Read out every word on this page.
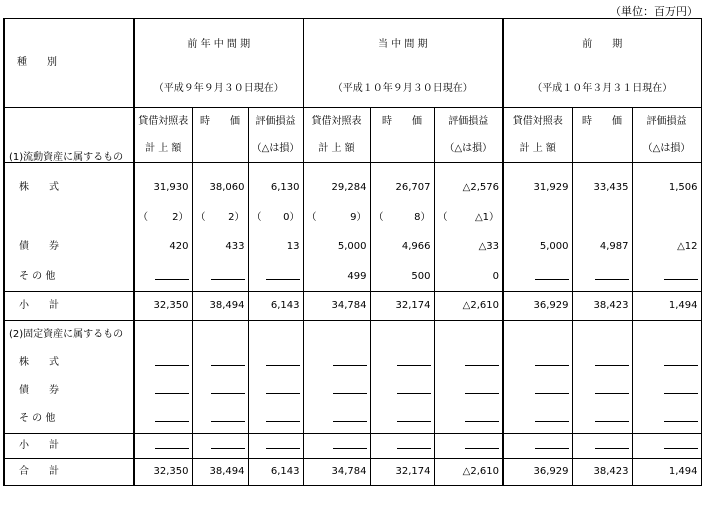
（単位：百万円）
種　　別	前 年 中 間 期			当 中 間 期			前　　期		
	（平成９年９月３０日現在）			（平成１０年９月３０日現在）			（平成１０年３月３１日現在）		
	貸借対照表	時　　価	評価損益	貸借対照表	時　　価	評価損益	貸借対照表	時　　価	評価損益
	計 上 額		（△は損）	計 上 額		（△は損）	計 上 額		（△は損）
(1)流動資産に属するもの									
株　　式	31,930	38,060	6,130	29,284	26,707	△2,576	31,929	33,435	1,506

	（ 2）	（ 2）	（ 0）	（ 9）	（ 8）	（ △1）			

債　　券	420	433	13	5,000	4,966	△33	5,000	4,987	△12
そ の 他				499	500	0			
小　　計	32,350	38,494	6,143	34,784	32,174	△2,610	36,929	38,423	1,494
(2)固定資産に属するもの									
株　　式									
債　　券									
そ の 他									
小　　計									
合　　計	32,350	38,494	6,143	34,784	32,174	△2,610	36,929	38,423	1,494
